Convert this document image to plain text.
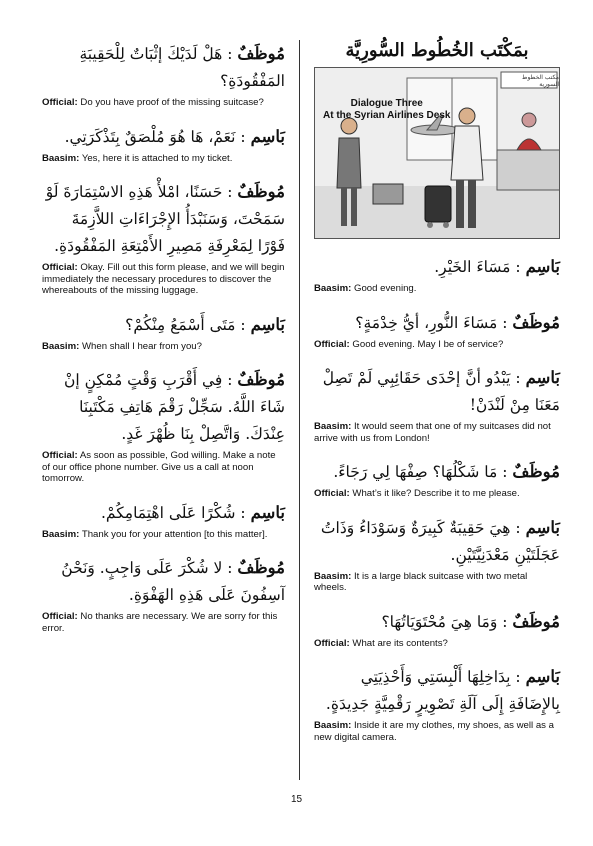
مُوظَفٌ : هَلْ لَدَيْكَ إثْبَاتٌ لِلْحَقِيبَةِ المَفْقُودَةِ؟

Official: Do you have proof of the missing suitcase?

بَاسِم : نَعَمْ، هَا هُوَ مُلْصَقٌ بِتَذْكَرَتِي.

Baasim: Yes, here it is attached to my ticket.

مُوظَفٌ : حَسَنًا، امْلأْ هَذِهِ الاسْتِمَارَةَ لَوْ سَمَحْتَ، وَسَنَبْدَأُ الإِجْرَاءَاتِ اللاَّزِمَةَ فَوْرًا لِمَعْرِفَةِ مَصِيرِ الأَمْتِعَةِ المَفْقُودَةِ.

Official: Okay. Fill out this form please, and we will begin immediately the necessary procedures to discover the whereabouts of the missing luggage.

بَاسِم : مَتَى أَسْمَعُ مِنْكُمْ؟

Baasim: When shall I hear from you?

مُوظَفٌ : فِي أَقْرَبِ وَقْتٍ مُمْكِنٍ إنْ شَاءَ اللَّهُ. سَجِّلْ رَقْمَ هَاتِفِ مَكْتَبِنَا عِنْدَكَ. وَاتَّصِلْ بِنَا ظُهْرَ غَدٍ.

Official: As soon as possible, God willing. Make a note of our office phone number. Give us a call at noon tomorrow.

بَاسِم : شُكْرًا عَلَى اهْتِمَامِكُمْ.

Baasim: Thank you for your attention [to this matter].

مُوظَفٌ : لا شُكْرَ عَلَى وَاجِبٍ. وَنَحْنُ آسِفُونَ عَلَى هَذِهِ الهَفْوَةِ.

Official: No thanks are necessary. We are sorry for this error.

بمَكْتَب الخُطُوط السُّورِيَّة

مكتب الخطوط السورية
Dialogue Three
At the Syrian Airlines Desk

بَاسِم : مَسَاءَ الخَيْرِ.

Baasim: Good evening.

مُوظَفٌ : مَسَاءَ النُّورِ، أيُّ خِدْمَةٍ؟

Official: Good evening. May I be of service?

بَاسِم : يَبْدُو أنَّ إحْدَى حَقَائِبِي لَمْ تَصِلْ مَعَنَا مِنْ لَنْدَنْ!

Baasim: It would seem that one of my suitcases did not arrive with us from London!

مُوظَفٌ : مَا شَكْلُهَا؟ صِفْهَا لِي رَجَاءً.

Official: What’s it like? Describe it to me please.

بَاسِم : هِيَ حَقِيبَةٌ كَبِيرَةٌ وَسَوْدَاءُ وَذَاتُ عَجَلَتَيْنِ مَعْدَنِيَّتَيْنِ.

Baasim: It is a large black suitcase with two metal wheels.

مُوظَفٌ : وَمَا هِيَ مُحْتَوَيَاتُهَا؟

Official: What are its contents?

بَاسِم : بِدَاخِلِهَا أَلْبِسَتِي وَأَحْذِيَتِي بِالإِضَافَةِ إِلَى آلَةِ تَصْوِيرٍ رَقْمِيَّةٍ جَدِيدَةٍ.

Baasim: Inside it are my clothes, my shoes, as well as a new digital camera.

15
